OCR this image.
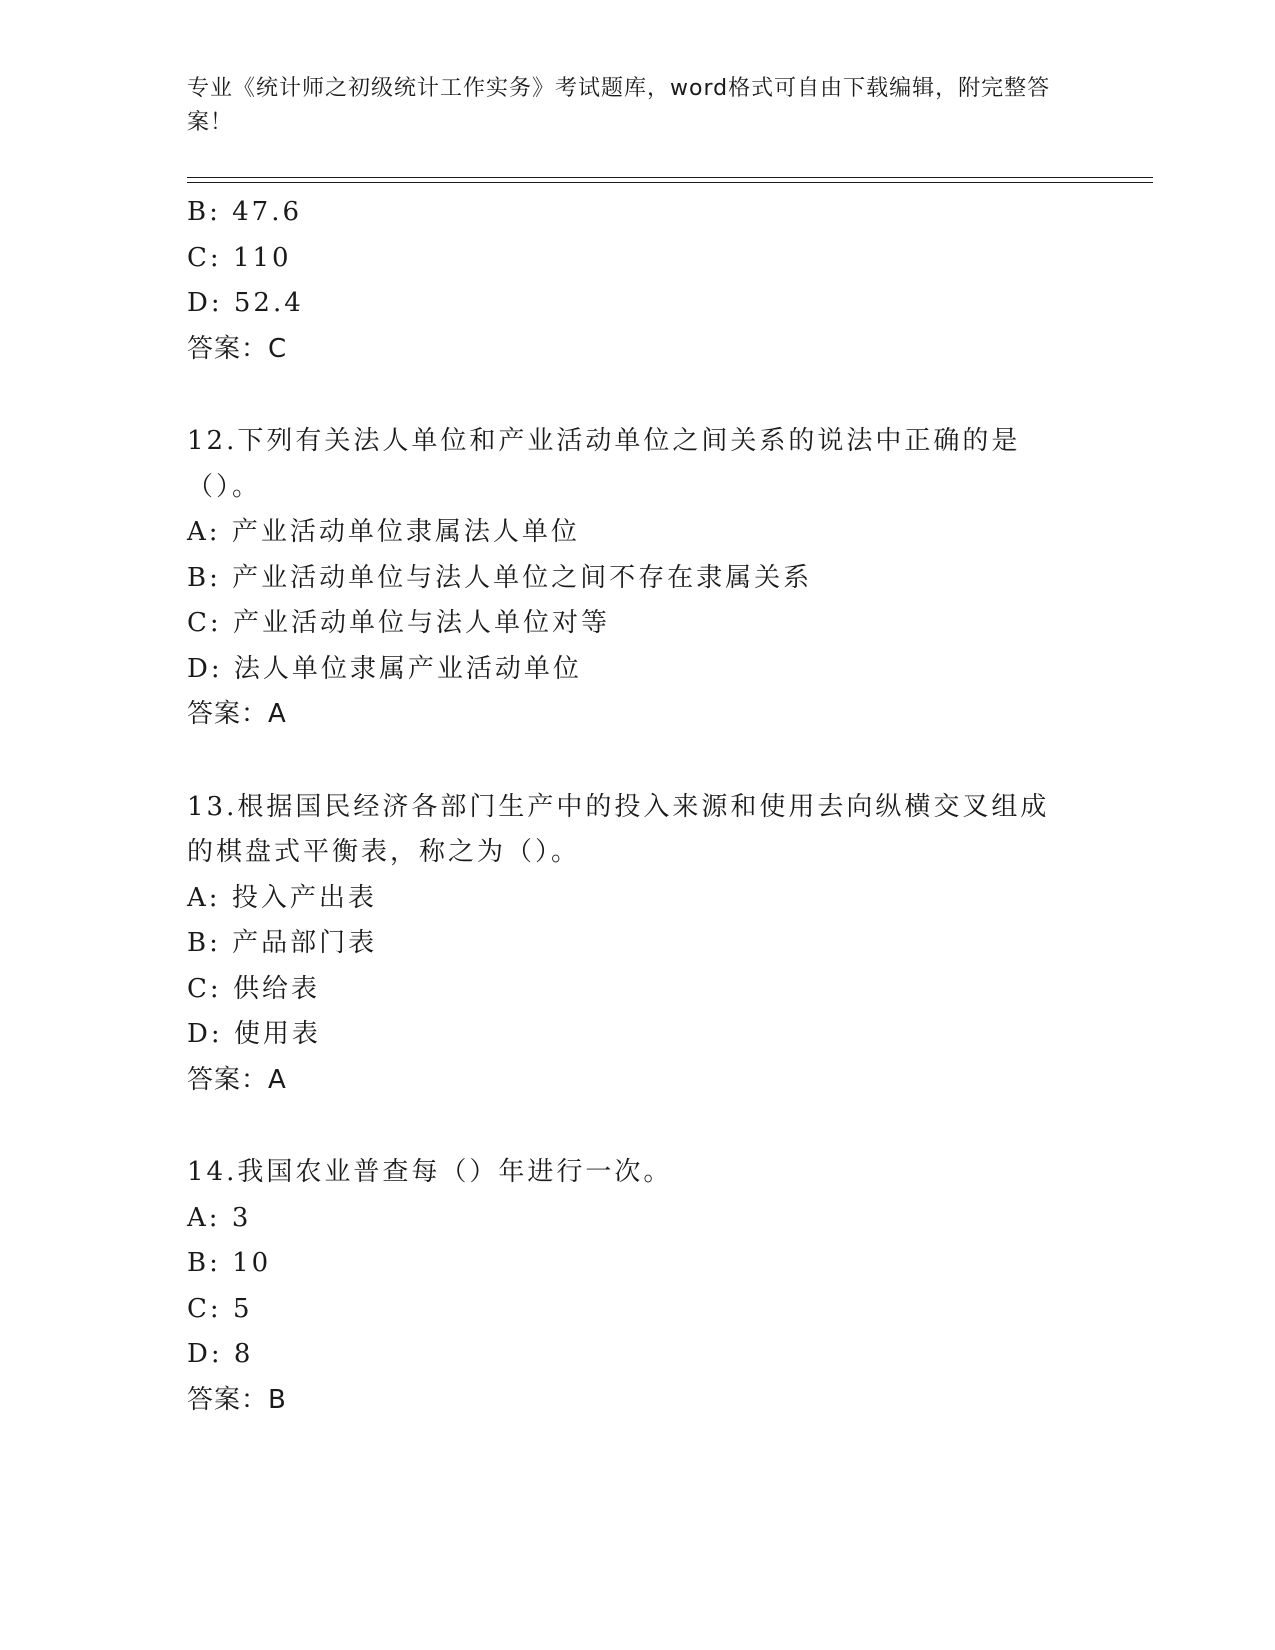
专业《统计师之初级统计工作实务》考试题库，word格式可自由下载编辑，附完整答案！
B: 47.6
C: 110
D: 52.4
答案：C
12.下列有关法人单位和产业活动单位之间关系的说法中正确的是（）。
A: 产业活动单位隶属法人单位
B: 产业活动单位与法人单位之间不存在隶属关系
C: 产业活动单位与法人单位对等
D: 法人单位隶属产业活动单位
答案：A
13.根据国民经济各部门生产中的投入来源和使用去向纵横交叉组成的棋盘式平衡表，称之为（）。
A: 投入产出表
B: 产品部门表
C: 供给表
D: 使用表
答案：A
14.我国农业普查每（）年进行一次。
A: 3
B: 10
C: 5
D: 8
答案：B
